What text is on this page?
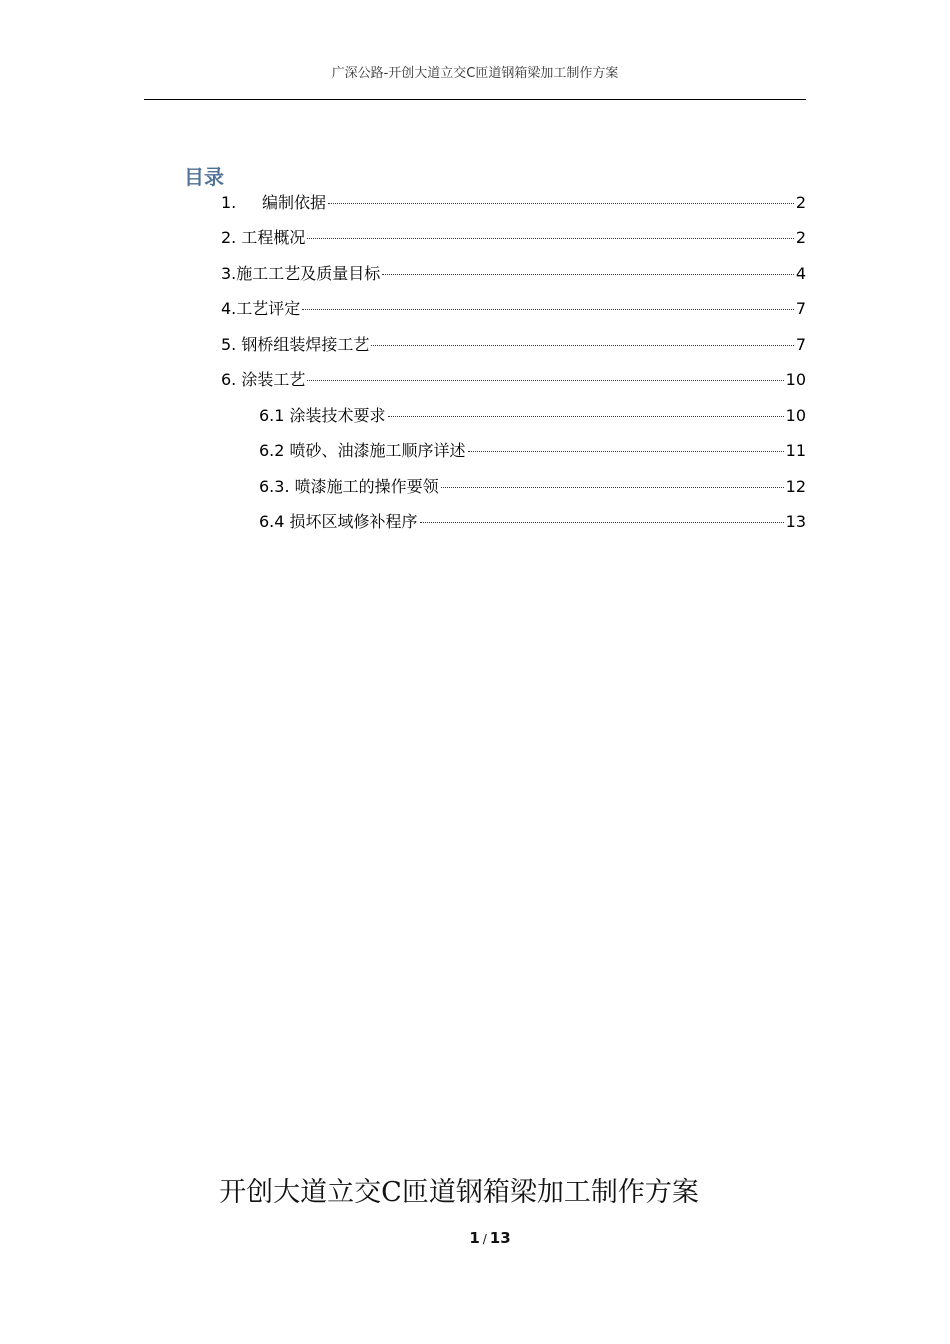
广深公路-开创大道立交C匝道钢箱梁加工制作方案
目录
1.	编制依据	2
2. 工程概况	2
3.施工工艺及质量目标	4
4.工艺评定	7
5. 钢桥组装焊接工艺	7
6. 涂装工艺	10
6.1 涂装技术要求	10
6.2 喷砂、油漆施工顺序详述	11
6.3. 喷漆施工的操作要领	12
6.4 损坏区域修补程序	13
开创大道立交C匝道钢箱梁加工制作方案
1 / 13
